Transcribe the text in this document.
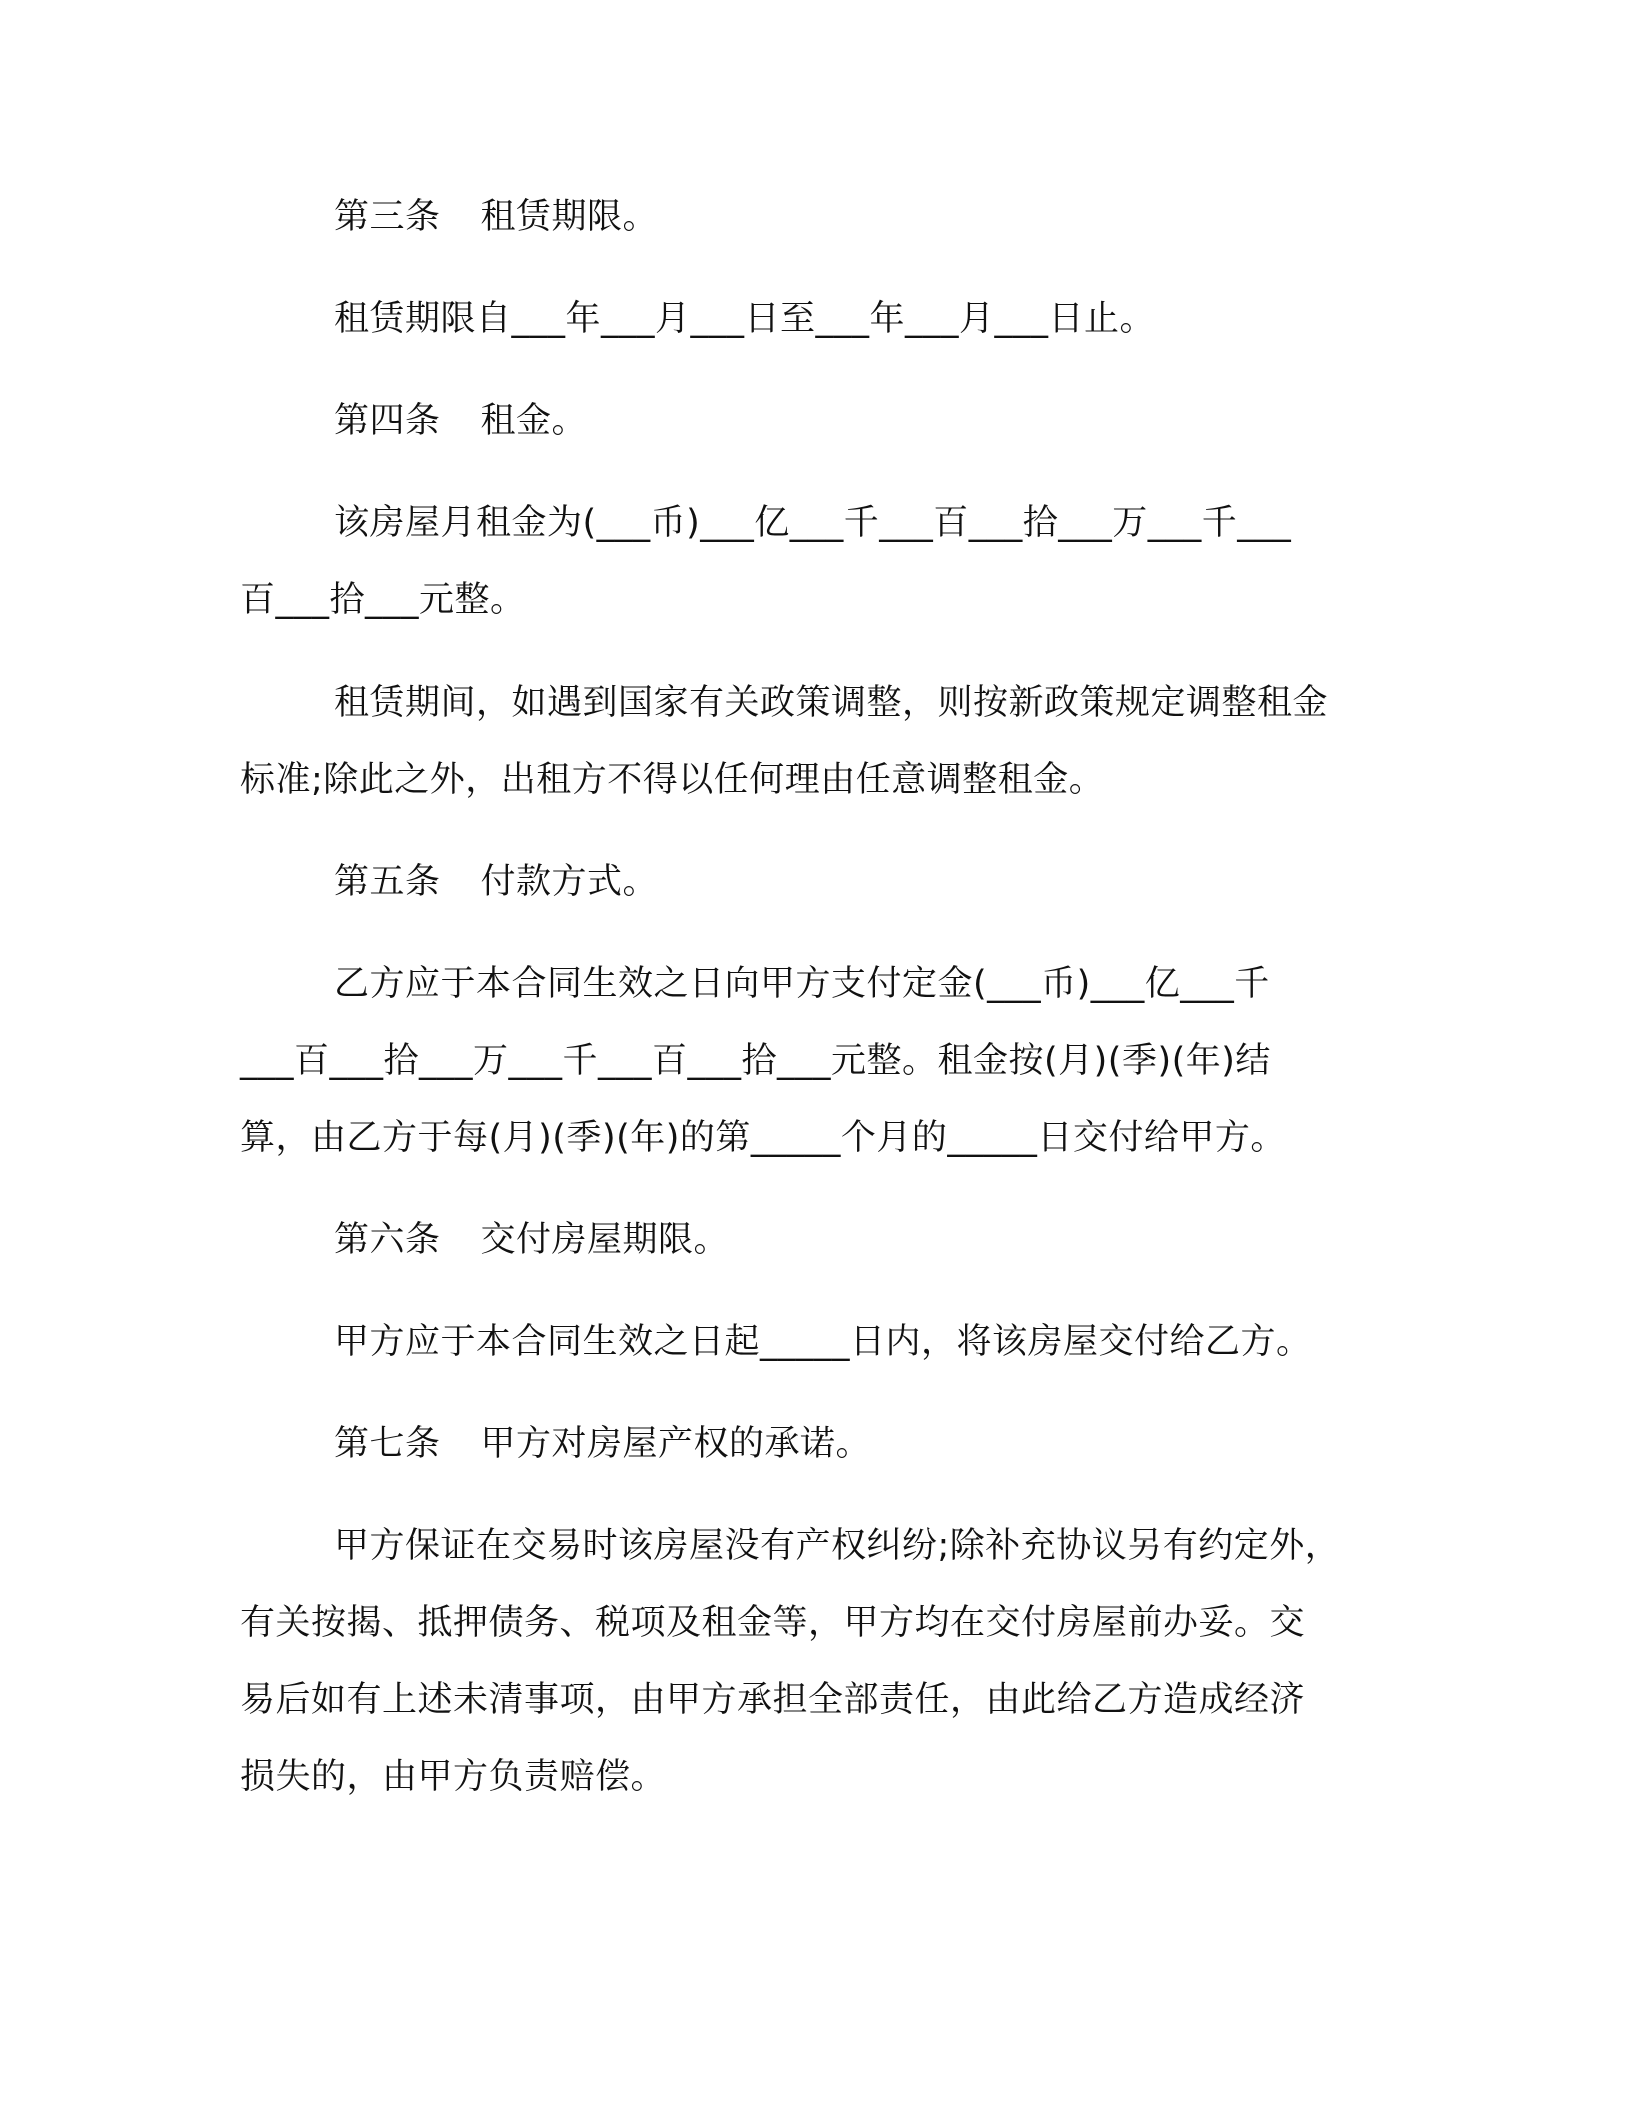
第三条 租赁期限。
租赁期限自___年___月___日至___年___月___日止。
第四条 租金。
该房屋月租金为(___币)___亿___千___百___拾___万___千___
百___拾___元整。
租赁期间，如遇到国家有关政策调整，则按新政策规定调整租金
标准;除此之外，出租方不得以任何理由任意调整租金。
第五条 付款方式。
乙方应于本合同生效之日向甲方支付定金(___币)___亿___千
___百___拾___万___千___百___拾___元整。租金按(月)(季)(年)结
算，由乙方于每(月)(季)(年)的第_____个月的_____日交付给甲方。
第六条 交付房屋期限。
甲方应于本合同生效之日起_____日内，将该房屋交付给乙方。
第七条 甲方对房屋产权的承诺。
甲方保证在交易时该房屋没有产权纠纷;除补充协议另有约定外，
有关按揭、抵押债务、税项及租金等，甲方均在交付房屋前办妥。交
易后如有上述未清事项，由甲方承担全部责任，由此给乙方造成经济
损失的，由甲方负责赔偿。
